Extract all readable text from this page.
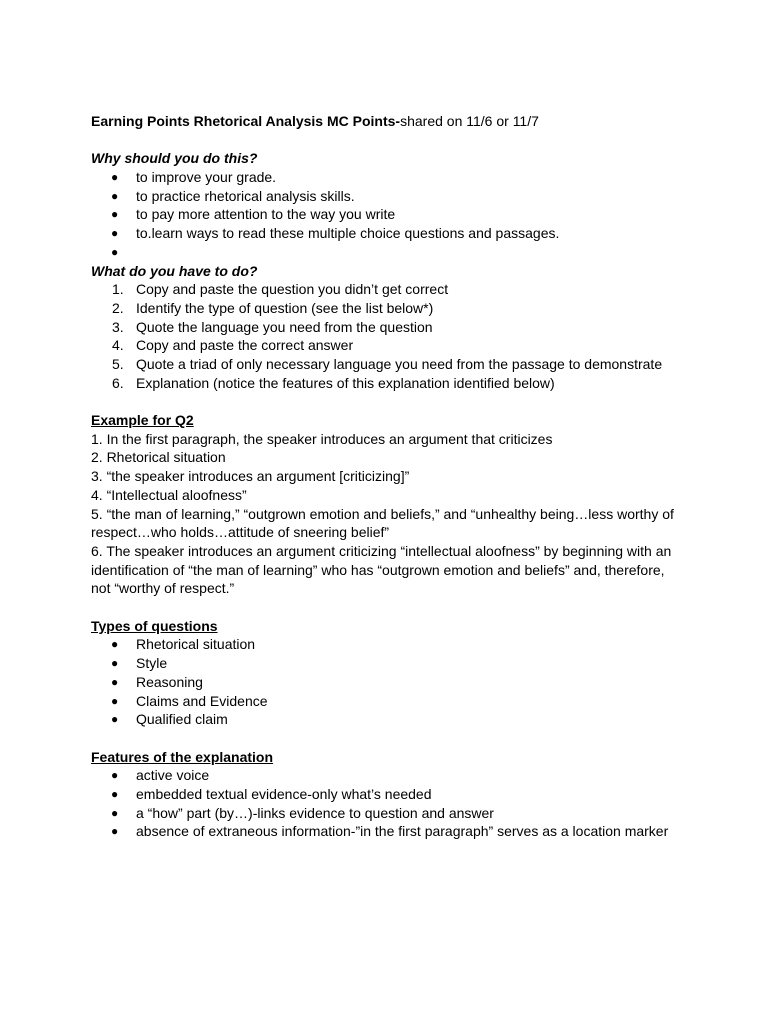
Earning Points Rhetorical Analysis MC Points-shared on 11/6 or 11/7
Why should you do this?
● to improve your grade.
● to practice rhetorical analysis skills.
● to pay more attention to the way you write
● to.learn ways to read these multiple choice questions and passages.
●
What do you have to do?
1. Copy and paste the question you didn’t get correct
2. Identify the type of question (see the list below*)
3. Quote the language you need from the question
4. Copy and paste the correct answer
5. Quote a triad of only necessary language you need from the passage to demonstrate
6. Explanation (notice the features of this explanation identified below)
Example for Q2
1. In the first paragraph, the speaker introduces an argument that criticizes
2. Rhetorical situation
3. “the speaker introduces an argument [criticizing]”
4. “Intellectual aloofness”
5. “the man of learning,” “outgrown emotion and beliefs,” and “unhealthy being…less worthy of respect…who holds…attitude of sneering belief”
6. The speaker introduces an argument criticizing “intellectual aloofness” by beginning with an identification of “the man of learning” who has “outgrown emotion and beliefs” and, therefore, not “worthy of respect.”
Types of questions
● Rhetorical situation
● Style
● Reasoning
● Claims and Evidence
● Qualified claim
Features of the explanation
● active voice
● embedded textual evidence-only what’s needed
● a “how” part (by…)-links evidence to question and answer
● absence of extraneous information-”in the first paragraph” serves as a location marker
